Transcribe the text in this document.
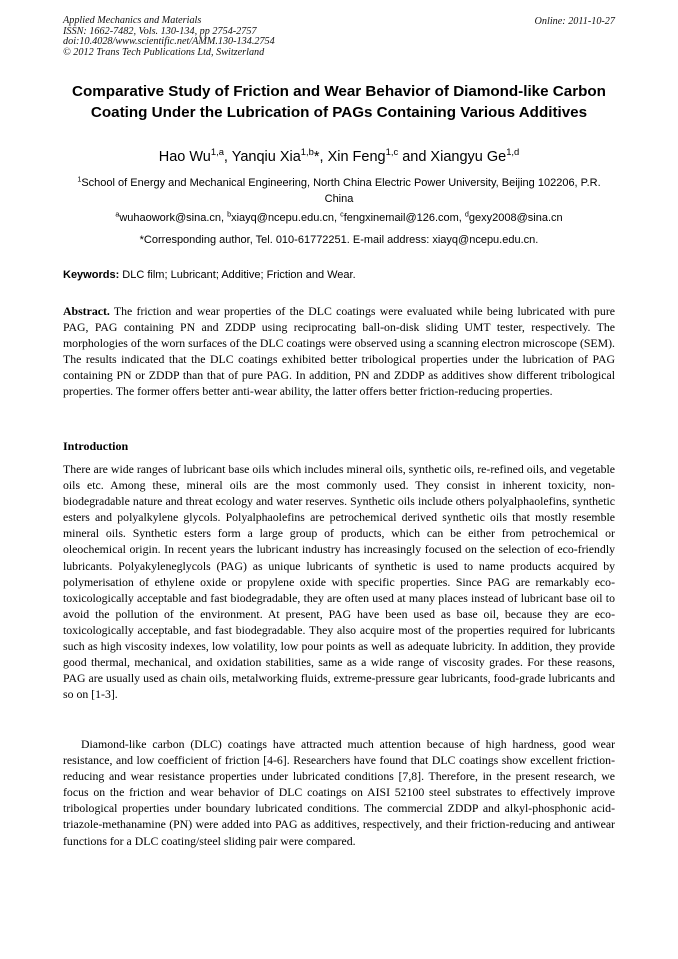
Applied Mechanics and Materials
ISSN: 1662-7482, Vols. 130-134, pp 2754-2757
doi:10.4028/www.scientific.net/AMM.130-134.2754
© 2012 Trans Tech Publications Ltd, Switzerland
Online: 2011-10-27
Comparative Study of Friction and Wear Behavior of Diamond-like Carbon Coating Under the Lubrication of PAGs Containing Various Additives
Hao Wu$^{1,a}$, Yanqiu Xia$^{1,b}$*, Xin Feng$^{1,c}$ and Xiangyu Ge$^{1,d}$
$^1$School of Energy and Mechanical Engineering, North China Electric Power University, Beijing 102206, P.R. China
$^a$wuhaowork@sina.cn, $^b$xiayq@ncepu.edu.cn, $^c$fengxinemail@126.com, $^d$gexy2008@sina.cn
*Corresponding author, Tel. 010-61772251. E-mail address: xiayq@ncepu.edu.cn.
Keywords: DLC film; Lubricant; Additive; Friction and Wear.
Abstract. The friction and wear properties of the DLC coatings were evaluated while being lubricated with pure PAG, PAG containing PN and ZDDP using reciprocating ball-on-disk sliding UMT tester, respectively. The morphologies of the worn surfaces of the DLC coatings were observed using a scanning electron microscope (SEM). The results indicated that the DLC coatings exhibited better tribological properties under the lubrication of PAG containing PN or ZDDP than that of pure PAG. In addition, PN and ZDDP as additives show different tribological properties. The former offers better anti-wear ability, the latter offers better friction-reducing properties.
Introduction
There are wide ranges of lubricant base oils which includes mineral oils, synthetic oils, re-refined oils, and vegetable oils etc. Among these, mineral oils are the most commonly used. They consist in inherent toxicity, non-biodegradable nature and threat ecology and water reserves. Synthetic oils include others polyalphaolefins, synthetic esters and polyalkylene glycols. Polyalphaolefins are petrochemical derived synthetic oils that mostly resemble mineral oils. Synthetic esters form a large group of products, which can be either from petrochemical or oleochemical origin. In recent years the lubricant industry has increasingly focused on the selection of eco-friendly lubricants. Polyakyleneglycols (PAG) as unique lubricants of synthetic is used to name products acquired by polymerisation of ethylene oxide or propylene oxide with specific properties. Since PAG are remarkably eco-toxicologically acceptable and fast biodegradable, they are often used at many places instead of lubricant base oil to avoid the pollution of the environment. At present, PAG have been used as base oil, because they are eco-toxicologically acceptable, and fast biodegradable. They also acquire most of the properties required for lubricants such as high viscosity indexes, low volatility, low pour points as well as adequate lubricity. In addition, they provide good thermal, mechanical, and oxidation stabilities, same as a wide range of viscosity grades. For these reasons, PAG are usually used as chain oils, metalworking fluids, extreme-pressure gear lubricants, food-grade lubricants and so on [1-3].
Diamond-like carbon (DLC) coatings have attracted much attention because of high hardness, good wear resistance, and low coefficient of friction [4-6]. Researchers have found that DLC coatings show excellent friction-reducing and wear resistance properties under lubricated conditions [7,8]. Therefore, in the present research, we focus on the friction and wear behavior of DLC coatings on AISI 52100 steel substrates to effectively improve tribological properties under boundary lubricated conditions. The commercial ZDDP and alkyl-phosphonic acid- triazole-methanamine (PN) were added into PAG as additives, respectively, and their friction-reducing and antiwear functions for a DLC coating/steel sliding pair were compared.
